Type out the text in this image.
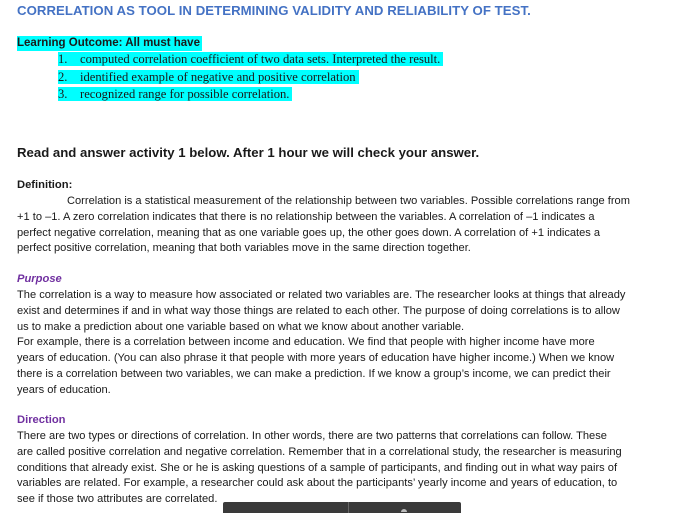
CORRELATION AS TOOL IN DETERMINING VALIDITY AND RELIABILITY OF TEST.
Learning Outcome: All must have
1. computed correlation coefficient of two data sets. Interpreted the result.
2. identified example of negative and positive correlation
3. recognized range for possible correlation.
Read and answer activity 1 below. After 1 hour we will check your answer.
Definition:

Correlation is a statistical measurement of the relationship between two variables. Possible correlations range from
+1 to –1. A zero correlation indicates that there is no relationship between the variables. A correlation of –1 indicates a
perfect negative correlation, meaning that as one variable goes up, the other goes down. A correlation of +1 indicates a
perfect positive correlation, meaning that both variables move in the same direction together.

Purpose

The correlation is a way to measure how associated or related two variables are. The researcher looks at things that already
exist and determines if and in what way those things are related to each other. The purpose of doing correlations is to allow
us to make a prediction about one variable based on what we know about another variable.
For example, there is a correlation between income and education. We find that people with higher income have more
years of education. (You can also phrase it that people with more years of education have higher income.) When we know
there is a correlation between two variables, we can make a prediction. If we know a group’s income, we can predict their
years of education.

Direction

There are two types or directions of correlation. In other words, there are two patterns that correlations can follow. These
are called positive correlation and negative correlation. Remember that in a correlational study, the researcher is measuring
conditions that already exist. She or he is asking questions of a sample of participants, and finding out in what way pairs of
variables are related. For example, a researcher could ask about the participants’ yearly income and years of education, to
see if those two attributes are correlated.
